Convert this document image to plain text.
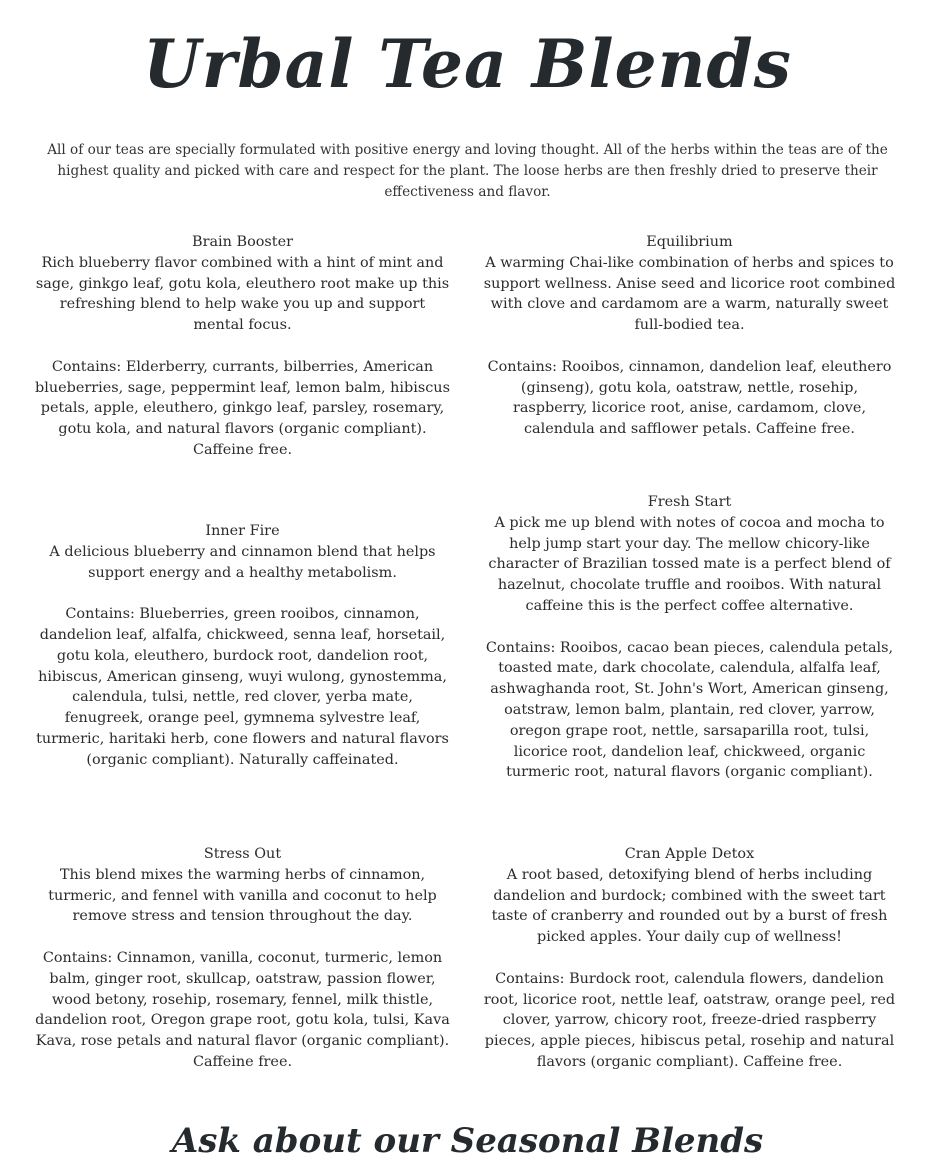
Urbal Tea Blends
All of our teas are specially formulated with positive energy and loving thought. All of the herbs within the teas are of the highest quality and picked with care and respect for the plant. The loose herbs are then freshly dried to preserve their effectiveness and flavor.
Brain Booster

Rich blueberry flavor combined with a hint of mint and sage, ginkgo leaf, gotu kola, eleuthero root make up this refreshing blend to help wake you up and support mental focus.

Contains: Elderberry, currants, bilberries, American blueberries, sage, peppermint leaf, lemon balm, hibiscus petals, apple, eleuthero, ginkgo leaf, parsley, rosemary, gotu kola, and natural flavors (organic compliant). Caffeine free.

Equilibrium

A warming Chai-like combination of herbs and spices to support wellness. Anise seed and licorice root combined with clove and cardamom are a warm, naturally sweet full-bodied tea.

Contains: Rooibos, cinnamon, dandelion leaf, eleuthero (ginseng), gotu kola, oatstraw, nettle, rosehip, raspberry, licorice root, anise, cardamom, clove, calendula and safflower petals. Caffeine free.

Inner Fire

A delicious blueberry and cinnamon blend that helps support energy and a healthy metabolism.

Contains: Blueberries, green rooibos, cinnamon, dandelion leaf, alfalfa, chickweed, senna leaf, horsetail, gotu kola, eleuthero, burdock root, dandelion root, hibiscus, American ginseng, wuyi wulong, gynostemma, calendula, tulsi, nettle, red clover, yerba mate, fenugreek, orange peel, gymnema sylvestre leaf, turmeric, haritaki herb, cone flowers and natural flavors (organic compliant). Naturally caffeinated.

Fresh Start

A pick me up blend with notes of cocoa and mocha to help jump start your day. The mellow chicory-like character of Brazilian tossed mate is a perfect blend of hazelnut, chocolate truffle and rooibos. With natural caffeine this is the perfect coffee alternative.

Contains: Rooibos, cacao bean pieces, calendula petals, toasted mate, dark chocolate, calendula, alfalfa leaf, ashwaghanda root, St. John's Wort, American ginseng, oatstraw, lemon balm, plantain, red clover, yarrow, oregon grape root, nettle, sarsaparilla root, tulsi, licorice root, dandelion leaf, chickweed, organic turmeric root, natural flavors (organic compliant).

Stress Out

This blend mixes the warming herbs of cinnamon, turmeric, and fennel with vanilla and coconut to help remove stress and tension throughout the day.

Contains: Cinnamon, vanilla, coconut, turmeric, lemon balm, ginger root, skullcap, oatstraw, passion flower, wood betony, rosehip, rosemary, fennel, milk thistle, dandelion root, Oregon grape root, gotu kola, tulsi, Kava Kava, rose petals and natural flavor (organic compliant). Caffeine free.

Cran Apple Detox

A root based, detoxifying blend of herbs including dandelion and burdock; combined with the sweet tart taste of cranberry and rounded out by a burst of fresh picked apples. Your daily cup of wellness!

Contains: Burdock root, calendula flowers, dandelion root, licorice root, nettle leaf, oatstraw, orange peel, red clover, yarrow, chicory root, freeze-dried raspberry pieces, apple pieces, hibiscus petal, rosehip and natural flavors (organic compliant). Caffeine free.

Ask about our Seasonal Blends
